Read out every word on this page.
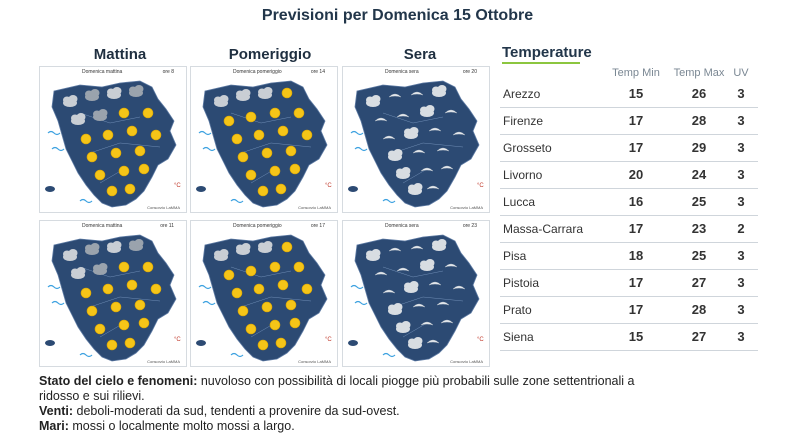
Previsioni per Domenica 15 Ottobre
Mattina	Pomeriggio	Sera
°C
Domenica mattina	ore 8
Consorzio LaMMA
°C
Domenica pomeriggio	ore 14
Consorzio LaMMA
°C
Domenica sera	ore 20
Consorzio LaMMA
°C
Domenica mattina	ore 11
Consorzio LaMMA
°C
Domenica pomeriggio	ore 17
Consorzio LaMMA
°C
Domenica sera	ore 23
Consorzio LaMMA
Temperature
Temp Min	Temp Max UV
Arezzo	15	26	3
Firenze	17	28	3
Grosseto	17	29	3
Livorno	20	24	3
Lucca	16	25	3
Massa-Carrara	17	23	2
Pisa	18	25	3
Pistoia	17	27	3
Prato	17	28	3
Siena	15	27	3
Stato del cielo e fenomeni: nuvoloso con possibilità di locali piogge più probabili sulle zone settentrionali a
ridosso e sui rilievi.
Venti: deboli-moderati da sud, tendenti a provenire da sud-ovest.
Mari: mossi o localmente molto mossi a largo.
